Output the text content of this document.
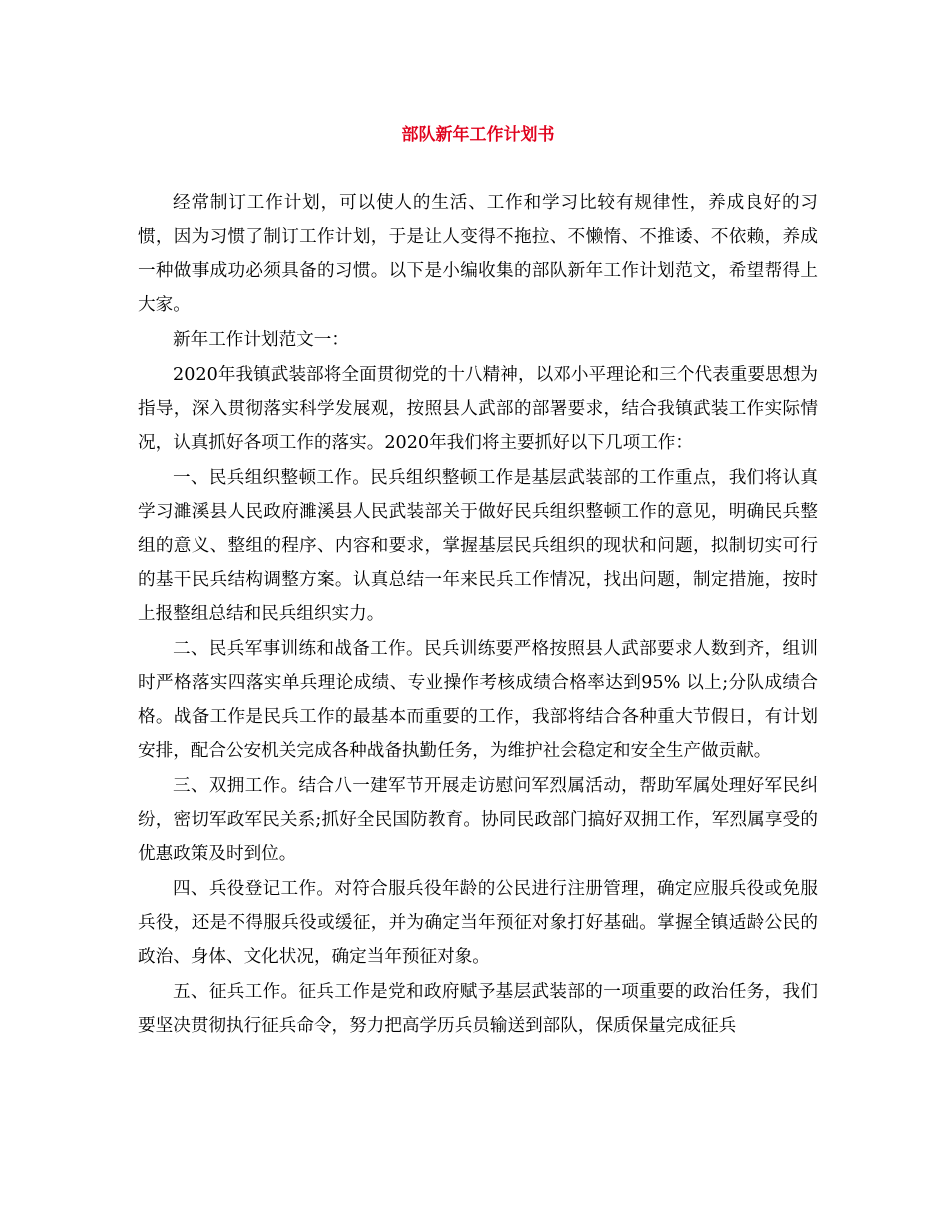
部队新年工作计划书

经常制订工作计划，可以使人的生活、工作和学习比较有规律性，养成良好的习惯，因为习惯了制订工作计划，于是让人变得不拖拉、不懒惰、不推诿、不依赖，养成一种做事成功必须具备的习惯。以下是小编收集的部队新年工作计划范文，希望帮得上大家。

新年工作计划范文一：

2020年我镇武装部将全面贯彻党的十八精神，以邓小平理论和三个代表重要思想为指导，深入贯彻落实科学发展观，按照县人武部的部署要求，结合我镇武装工作实际情况，认真抓好各项工作的落实。2020年我们将主要抓好以下几项工作：

一、民兵组织整顿工作。民兵组织整顿工作是基层武装部的工作重点，我们将认真学习濉溪县人民政府濉溪县人民武装部关于做好民兵组织整顿工作的意见，明确民兵整组的意义、整组的程序、内容和要求，掌握基层民兵组织的现状和问题，拟制切实可行的基干民兵结构调整方案。认真总结一年来民兵工作情况，找出问题，制定措施，按时上报整组总结和民兵组织实力。

二、民兵军事训练和战备工作。民兵训练要严格按照县人武部要求人数到齐，组训时严格落实四落实单兵理论成绩、专业操作考核成绩合格率达到95% 以上;分队成绩合格。战备工作是民兵工作的最基本而重要的工作，我部将结合各种重大节假日，有计划安排，配合公安机关完成各种战备执勤任务，为维护社会稳定和安全生产做贡献。

三、双拥工作。结合八一建军节开展走访慰问军烈属活动，帮助军属处理好军民纠纷，密切军政军民关系;抓好全民国防教育。协同民政部门搞好双拥工作，军烈属享受的优惠政策及时到位。

四、兵役登记工作。对符合服兵役年龄的公民进行注册管理，确定应服兵役或免服兵役，还是不得服兵役或缓征，并为确定当年预征对象打好基础。掌握全镇适龄公民的政治、身体、文化状况，确定当年预征对象。

五、征兵工作。征兵工作是党和政府赋予基层武装部的一项重要的政治任务，我们要坚决贯彻执行征兵命令，努力把高学历兵员输送到部队，保质保量完成征兵
